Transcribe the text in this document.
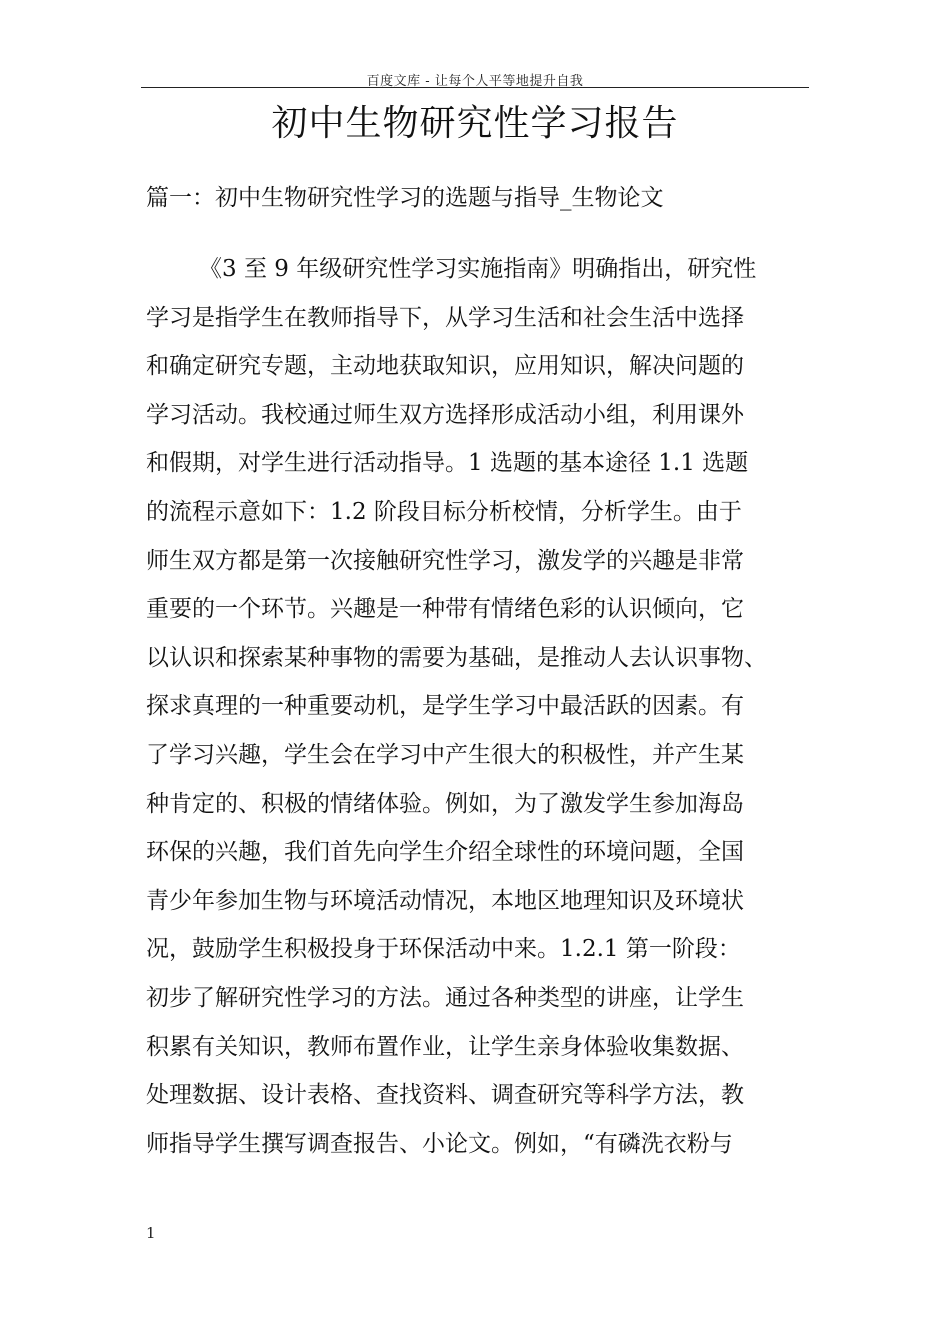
百度文库 - 让每个人平等地提升自我
初中生物研究性学习报告
篇一：初中生物研究性学习的选题与指导_生物论文
《3 至 9 年级研究性学习实施指南》明确指出，研究性
学习是指学生在教师指导下，从学习生活和社会生活中选择
和确定研究专题，主动地获取知识，应用知识，解决问题的
学习活动。我校通过师生双方选择形成活动小组，利用课外
和假期，对学生进行活动指导。1 选题的基本途径 1.1 选题
的流程示意如下：1.2 阶段目标分析校情，分析学生。由于
师生双方都是第一次接触研究性学习，激发学的兴趣是非常
重要的一个环节。兴趣是一种带有情绪色彩的认识倾向，它
以认识和探索某种事物的需要为基础，是推动人去认识事物、
探求真理的一种重要动机，是学生学习中最活跃的因素。有
了学习兴趣，学生会在学习中产生很大的积极性，并产生某
种肯定的、积极的情绪体验。例如，为了激发学生参加海岛
环保的兴趣，我们首先向学生介绍全球性的环境问题，全国
青少年参加生物与环境活动情况，本地区地理知识及环境状
况，鼓励学生积极投身于环保活动中来。1.2.1 第一阶段：
初步了解研究性学习的方法。通过各种类型的讲座，让学生
积累有关知识，教师布置作业，让学生亲身体验收集数据、
处理数据、设计表格、查找资料、调查研究等科学方法，教
师指导学生撰写调查报告、小论文。例如，“有磷洗衣粉与
1
